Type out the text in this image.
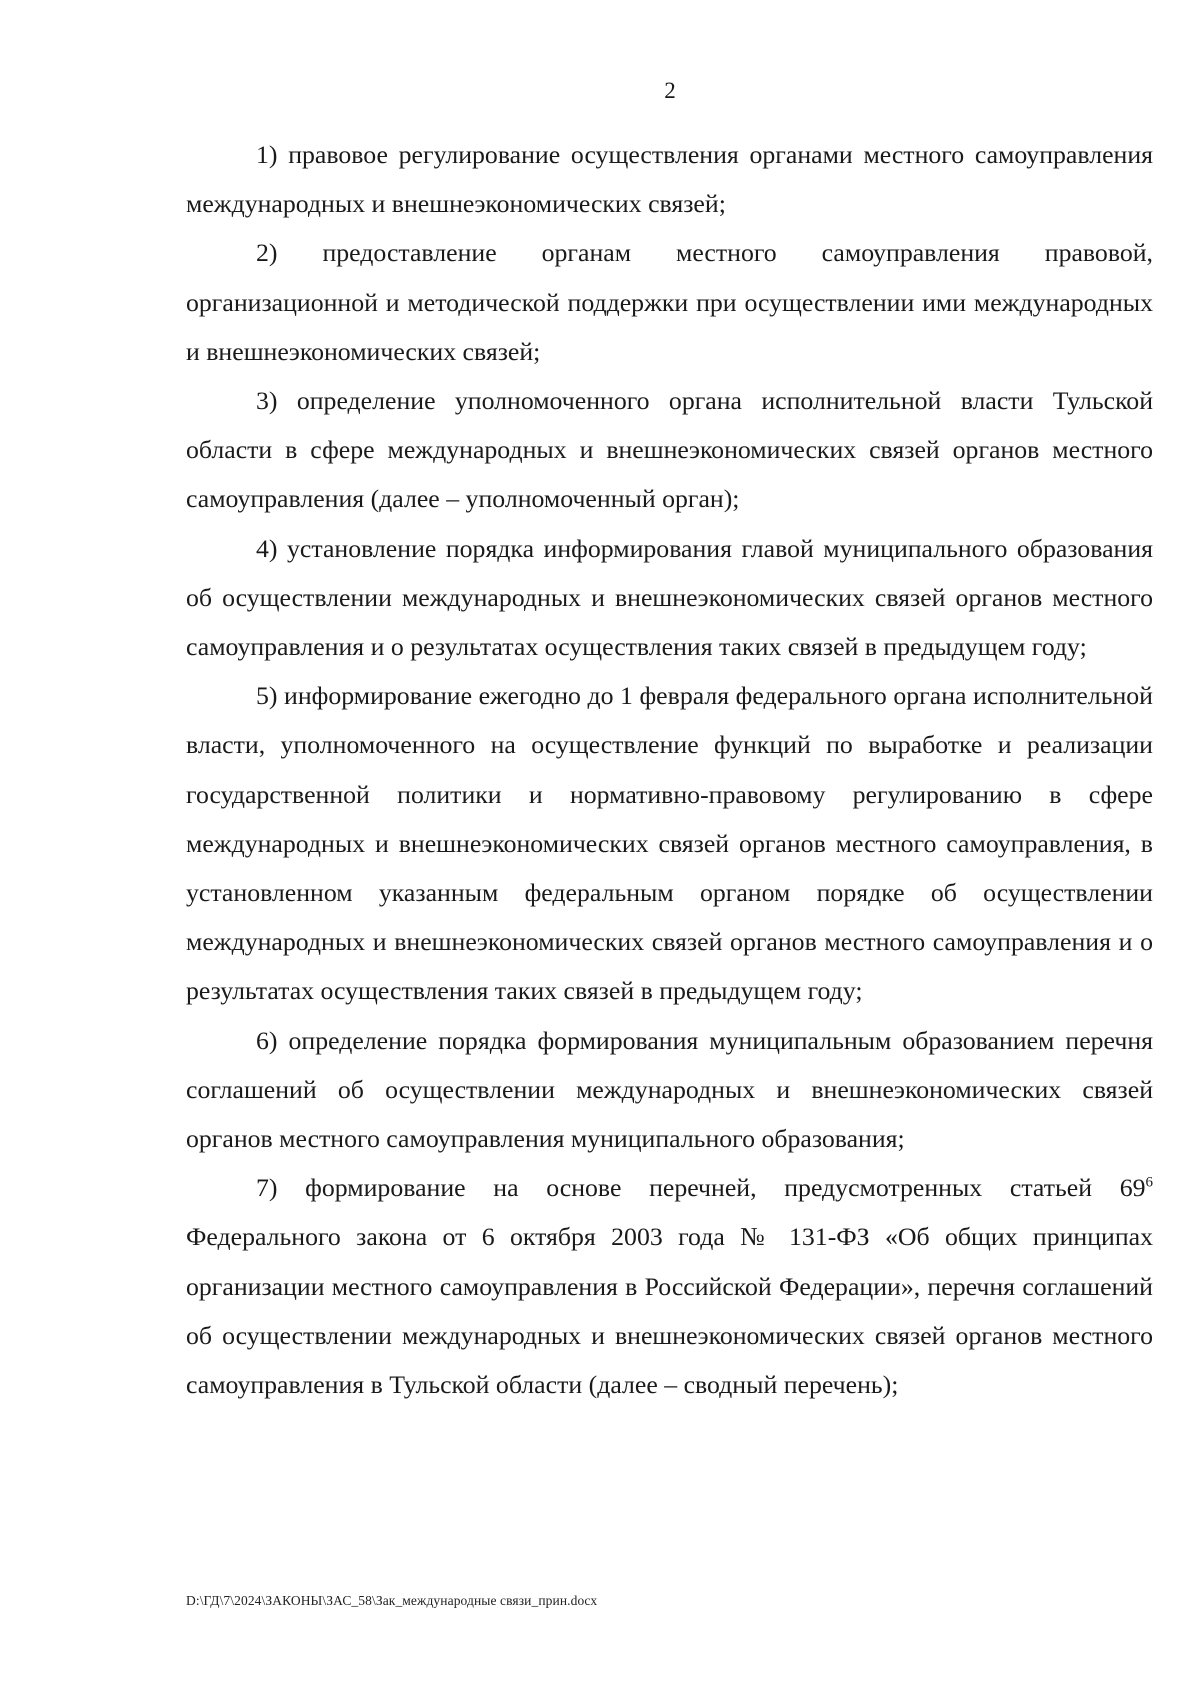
2

1) правовое регулирование осуществления органами местного самоуправления международных и внешнеэкономических связей;

2) предоставление органам местного самоуправления правовой, организационной и методической поддержки при осуществлении ими международных и внешнеэкономических связей;

3) определение уполномоченного органа исполнительной власти Тульской области в сфере международных и внешнеэкономических связей органов местного самоуправления (далее – уполномоченный орган);

4) установление порядка информирования главой муниципального образования об осуществлении международных и внешнеэкономических связей органов местного самоуправления и о результатах осуществления таких связей в предыдущем году;

5) информирование ежегодно до 1 февраля федерального органа исполнительной власти, уполномоченного на осуществление функций по выработке и реализации государственной политики и нормативно-правовому регулированию в сфере международных и внешнеэкономических связей органов местного самоуправления, в установленном указанным федеральным органом порядке об осуществлении международных и внешнеэкономических связей органов местного самоуправления и о результатах осуществления таких связей в предыдущем году;

6) определение порядка формирования муниципальным образованием перечня соглашений об осуществлении международных и внешнеэкономических связей органов местного самоуправления муниципального образования;

7) формирование на основе перечней, предусмотренных статьей $69^6$ Федерального закона от 6 октября 2003 года № 131-ФЗ «Об общих принципах организации местного самоуправления в Российской Федерации», перечня соглашений об осуществлении международных и внешнеэкономических связей органов местного самоуправления в Тульской области (далее – сводный перечень);

D:\ГД\7\2024\ЗАКОНЫ\ЗАС_58\Зак_международные связи_прин.docx
